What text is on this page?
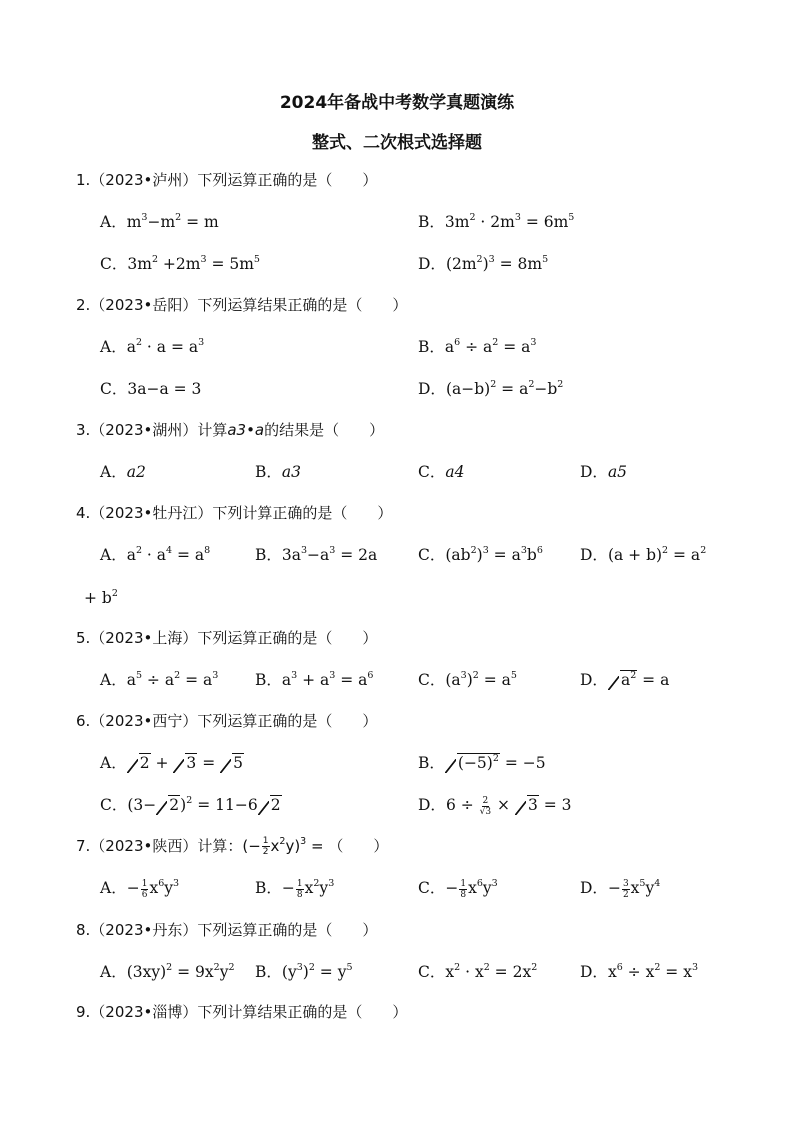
2024年备战中考数学真题演练
整式、二次根式选择题
1.（2023•泸州）下列运算正确的是（　　）
A．$m^3-m^2 = m$	B．$3m^2 \cdot 2m^3 = 6m^5$
C．$3m^2 +2m^3 = 5m^5$	D．$(2m^2)^3 = 8m^5$
2.（2023•岳阳）下列运算结果正确的是（　　）
A．$a^2 \cdot a = a^3$	B．$a^6 \div a^2 = a^3$
C．3a−a = 3	D．$(a-b)^2 = a^2-b^2$
3.（2023•湖州）计算a3•a的结果是（　　）
A．a2	B．a3	C．a4	D．a5
4.（2023•牡丹江）下列计算正确的是（　　）
A．$a^2 \cdot a^4 = a^8$	B．$3a^3-a^3 = 2a$	C．$(ab^2)^3 = a^3b^6$ D．$(a + b)^2 = a^2$
+ $b^2$
5.（2023•上海）下列运算正确的是（　　）
A．$a^5 \div a^2 = a^3$ B．$a^3 + a^3 = a^6$	C．$(a^3)^2 = a^5$	D． $a^2 = a$
6.（2023•西宁）下列运算正确的是（　　）
A． 2 + 3 = 5	B． $(-5)^2 = -5$
C．$(3- 2)^2 = 11-6$ 2	D．$6 \div \frac{2}{√3} \times 3 = 3$
7.（2023•陕西）计算：(− $\frac{1}{2} x^2y)^3$ = （　　）
A．− $\frac{1}{6} x^6y^3$	B．− $\frac{1}{8} x^2y^3$	C．− $\frac{1}{8} x^6y^3$	D．− $\frac{3}{2} x^5y^4$
8.（2023•丹东）下列运算正确的是（　　）
A．$(3xy)^2 = 9x^2y^2$ B．$(y^3)^2 = y^5$	C．$x^2 \cdot x^2 = 2x^2$	D．$x^6 \div x^2 = x^3$
9.（2023•淄博）下列计算结果正确的是（　　）
